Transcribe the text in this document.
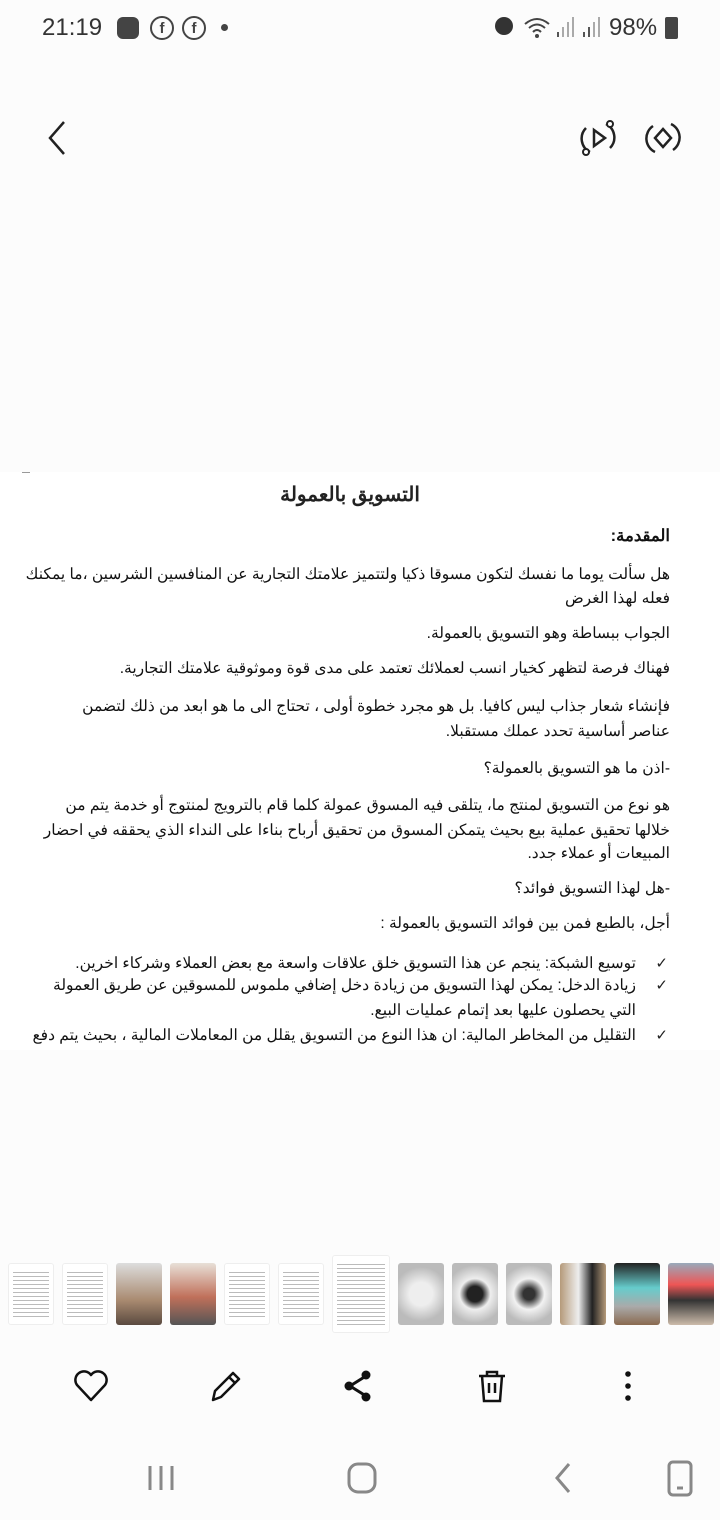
21:19	f	f	98%
التسويق بالعمولة
المقدمة:
هل سألت يوما ما نفسك لتكون مسوقا ذكيا ولتتميز علامتك التجارية عن المنافسين الشرسين ،ما يمكنك
فعله لهذا الغرض
الجواب ببساطة وهو التسويق بالعمولة.
فهناك فرصة لتظهر كخيار انسب لعملائك تعتمد على مدى قوة وموثوقية علامتك التجارية.
فإنشاء شعار جذاب ليس كافيا. بل هو مجرد خطوة أولى ، تحتاج الى ما هو ابعد من ذلك لتضمن
عناصر أساسية تحدد عملك مستقبلا.
-اذن ما هو التسويق بالعمولة؟
هو نوع من التسويق لمنتج ما، يتلقى فيه المسوق عمولة كلما قام بالترويج لمنتوج أو خدمة يتم من
خلالها تحقيق عملية بيع بحيث يتمكن المسوق من تحقيق أرباح بناءا على النداء الذي يحققه في احضار
المبيعات أو عملاء جدد.
-هل لهذا التسويق فوائد؟
أجل، بالطبع فمن بين فوائد التسويق بالعمولة :
✓
توسيع الشبكة: ينجم عن هذا التسويق خلق علاقات واسعة مع بعض العملاء وشركاء اخرين.
✓
زيادة الدخل: يمكن لهذا التسويق من زيادة دخل إضافي ملموس للمسوقين عن طريق العمولة
التي يحصلون عليها بعد إتمام عمليات البيع.
✓
التقليل من المخاطر المالية: ان هذا النوع من التسويق يقلل من المعاملات المالية ، بحيث يتم دفع
